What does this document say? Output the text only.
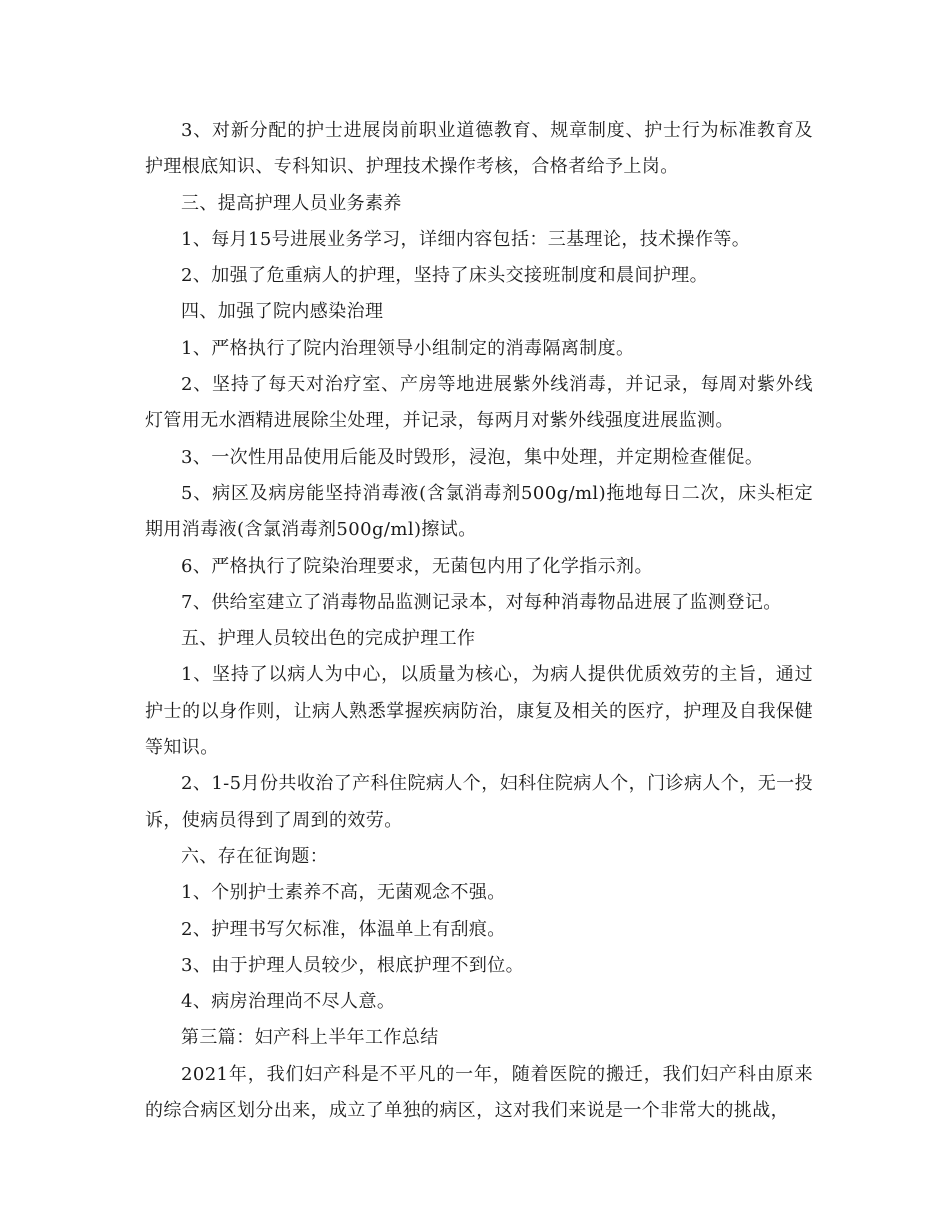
3、对新分配的护士进展岗前职业道德教育、规章制度、护士行为标准教育及护理根底知识、专科知识、护理技术操作考核，合格者给予上岗。

三、提高护理人员业务素养

1、每月15号进展业务学习，详细内容包括：三基理论，技术操作等。

2、加强了危重病人的护理，坚持了床头交接班制度和晨间护理。

四、加强了院内感染治理

1、严格执行了院内治理领导小组制定的消毒隔离制度。

2、坚持了每天对治疗室、产房等地进展紫外线消毒，并记录，每周对紫外线灯管用无水酒精进展除尘处理，并记录，每两月对紫外线强度进展监测。

3、一次性用品使用后能及时毁形，浸泡，集中处理，并定期检查催促。

5、病区及病房能坚持消毒液(含氯消毒剂500g/ml)拖地每日二次，床头柜定期用消毒液(含氯消毒剂500g/ml)擦试。

6、严格执行了院染治理要求，无菌包内用了化学指示剂。

7、供给室建立了消毒物品监测记录本，对每种消毒物品进展了监测登记。

五、护理人员较出色的完成护理工作

1、坚持了以病人为中心，以质量为核心，为病人提供优质效劳的主旨，通过护士的以身作则，让病人熟悉掌握疾病防治，康复及相关的医疗，护理及自我保健等知识。

2、1-5月份共收治了产科住院病人个，妇科住院病人个，门诊病人个，无一投诉，使病员得到了周到的效劳。

六、存在征询题：

1、个别护士素养不高，无菌观念不强。

2、护理书写欠标准，体温单上有刮痕。

3、由于护理人员较少，根底护理不到位。

4、病房治理尚不尽人意。

第三篇：妇产科上半年工作总结

2021年，我们妇产科是不平凡的一年，随着医院的搬迁，我们妇产科由原来的综合病区划分出来，成立了单独的病区，这对我们来说是一个非常大的挑战，
